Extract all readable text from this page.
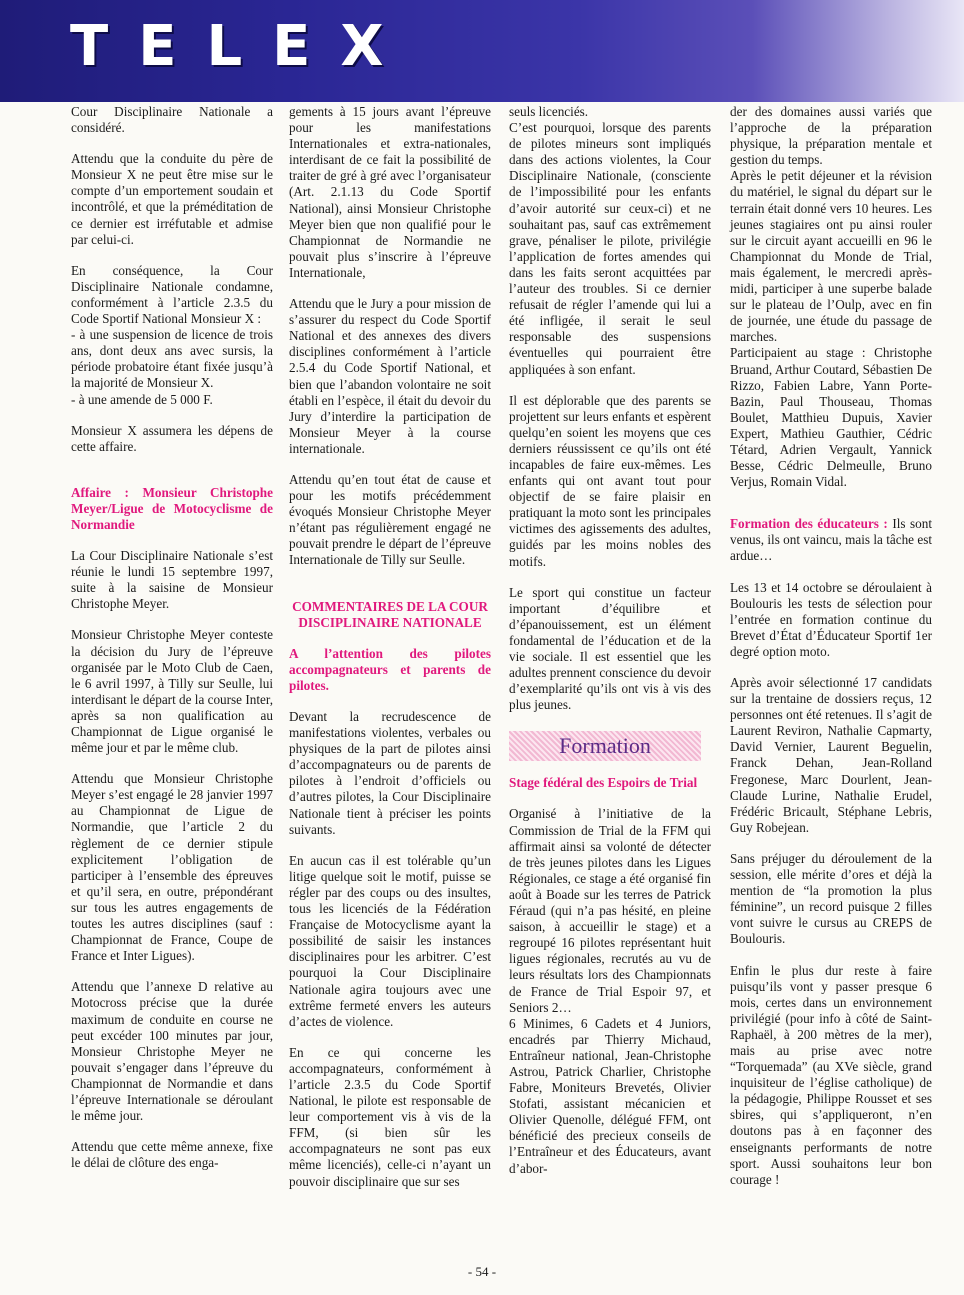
TELEX

Cour Disciplinaire Nationale a considéré.

Attendu que la conduite du père de Monsieur X ne peut être mise sur le compte d’un emportement soudain et incontrôlé, et que la préméditation de ce dernier est irréfutable et admise par celui-ci.

En conséquence, la Cour Disciplinaire Nationale condamne, conformément à l’article 2.3.5 du Code Sportif National Monsieur X :

- à une suspension de licence de trois ans, dont deux ans avec sursis, la période probatoire étant fixée jusqu’à la majorité de Monsieur X.

- à une amende de 5 000 F.

Monsieur X assumera les dépens de cette affaire.

Affaire : Monsieur Christophe Meyer/Ligue de Motocyclisme de Normandie

La Cour Disciplinaire Nationale s’est réunie le lundi 15 septembre 1997, suite à la saisine de Monsieur Christophe Meyer.

Monsieur Christophe Meyer conteste la décision du Jury de l’épreuve organisée par le Moto Club de Caen, le 6 avril 1997, à Tilly sur Seulle, lui interdisant le départ de la course Inter, après sa non qualification au Championnat de Ligue organisé le même jour et par le même club.

Attendu que Monsieur Christophe Meyer s’est engagé le 28 janvier 1997 au Championnat de Ligue de Normandie, que l’article 2 du règlement de ce dernier stipule explicitement l’obligation de participer à l’ensemble des épreuves et qu’il sera, en outre, prépondérant sur tous les autres engagements de toutes les autres disciplines (sauf : Championnat de France, Coupe de France et Inter Ligues).

Attendu que l’annexe D relative au Motocross précise que la durée maximum de conduite en course ne peut excéder 100 minutes par jour, Monsieur Christophe Meyer ne pouvait s’engager dans l’épreuve du Championnat de Normandie et dans l’épreuve Internationale se déroulant le même jour.

Attendu que cette même annexe, fixe le délai de clôture des enga-

gements à 15 jours avant l’épreuve pour les manifestations Internationales et extra-nationales, interdisant de ce fait la possibilité de traiter de gré à gré avec l’organisateur (Art. 2.1.13 du Code Sportif National), ainsi Monsieur Christophe Meyer bien que non qualifié pour le Championnat de Normandie ne pouvait plus s’inscrire à l’épreuve Internationale,

Attendu que le Jury a pour mission de s’assurer du respect du Code Sportif National et des annexes des divers disciplines conformément à l’article 2.5.4 du Code Sportif National, et bien que l’abandon volontaire ne soit établi en l’espèce, il était du devoir du Jury d’interdire la participation de Monsieur Meyer à la course internationale.

Attendu qu’en tout état de cause et pour les motifs précédemment évoqués Monsieur Christophe Meyer n’étant pas régulièrement engagé ne pouvait prendre le départ de l’épreuve Internationale de Tilly sur Seulle.

COMMENTAIRES DE LA COUR DISCIPLINAIRE NATIONALE

A l’attention des pilotes accompagnateurs et parents de pilotes.

Devant la recrudescence de manifestations violentes, verbales ou physiques de la part de pilotes ainsi d’accompagnateurs ou de parents de pilotes à l’endroit d’officiels ou d’autres pilotes, la Cour Disciplinaire Nationale tient à préciser les points suivants.

En aucun cas il est tolérable qu’un litige quelque soit le motif, puisse se régler par des coups ou des insultes, tous les licenciés de la Fédération Française de Motocyclisme ayant la possibilité de saisir les instances disciplinaires pour les arbitrer. C’est pourquoi la Cour Disciplinaire Nationale agira toujours avec une extrême fermeté envers les auteurs d’actes de violence.

En ce qui concerne les accompagnateurs, conformément à l’article 2.3.5 du Code Sportif National, le pilote est responsable de leur comportement vis à vis de la FFM, (si bien sûr les accompagnateurs ne sont pas eux même licenciés), celle-ci n’ayant un pouvoir disciplinaire que sur ses

seuls licenciés.

C’est pourquoi, lorsque des parents de pilotes mineurs sont impliqués dans des actions violentes, la Cour Disciplinaire Nationale, (consciente de l’impossibilité pour les enfants d’avoir autorité sur ceux-ci) et ne souhaitant pas, sauf cas extrêmement grave, pénaliser le pilote, privilégie l’application de fortes amendes qui dans les faits seront acquittées par l’auteur des troubles. Si ce dernier refusait de régler l’amende qui lui a été infligée, il serait le seul responsable des suspensions éventuelles qui pourraient être appliquées à son enfant.

Il est déplorable que des parents se projettent sur leurs enfants et espèrent quelqu’en soient les moyens que ces derniers réussissent ce qu’ils ont été incapables de faire eux-mêmes. Les enfants qui ont avant tout pour objectif de se faire plaisir en pratiquant la moto sont les principales victimes des agissements des adultes, guidés par les moins nobles des motifs.

Le sport qui constitue un facteur important d’équilibre et d’épanouissement, est un élément fondamental de l’éducation et de la vie sociale. Il est essentiel que les adultes prennent conscience du devoir d’exemplarité qu’ils ont vis à vis des plus jeunes.

Formation

Stage fédéral des Espoirs de Trial

Organisé à l’initiative de la Commission de Trial de la FFM qui affirmait ainsi sa volonté de détecter de très jeunes pilotes dans les Ligues Régionales, ce stage a été organisé fin août à Boade sur les terres de Patrick Féraud (qui n’a pas hésité, en pleine saison, à accueillir le stage) et a regroupé 16 pilotes représentant huit ligues régionales, recrutés au vu de leurs résultats lors des Championnats de France de Trial Espoir 97, et Seniors 2…

6 Minimes, 6 Cadets et 4 Juniors, encadrés par Thierry Michaud, Entraîneur national, Jean-Christophe Astrou, Patrick Charlier, Christophe Fabre, Moniteurs Brevetés, Olivier Stofati, assistant mécanicien et Olivier Quenolle, délégué FFM, ont bénéficié des precieux conseils de l’Entraîneur et des Éducateurs, avant d’abor-

der des domaines aussi variés que l’approche de la préparation physique, la préparation mentale et gestion du temps.

Après le petit déjeuner et la révision du matériel, le signal du départ sur le terrain était donné vers 10 heures. Les jeunes stagiaires ont pu ainsi rouler sur le circuit ayant accueilli en 96 le Championnat du Monde de Trial, mais également, le mercredi après-midi, participer à une superbe balade sur le plateau de l’Oulp, avec en fin de journée, une étude du passage de marches.

Participaient au stage : Christophe Bruand, Arthur Coutard, Sébastien De Rizzo, Fabien Labre, Yann Porte-Bazin, Paul Thouseau, Thomas Boulet, Matthieu Dupuis, Xavier Expert, Mathieu Gauthier, Cédric Tétard, Adrien Vergault, Yannick Besse, Cédric Delmeulle, Bruno Verjus, Romain Vidal.

Formation des éducateurs : Ils sont venus, ils ont vaincu, mais la tâche est ardue…

Les 13 et 14 octobre se déroulaient à Boulouris les tests de sélection pour l’entrée en formation continue du Brevet d’État d’Éducateur Sportif 1er degré option moto.

Après avoir sélectionné 17 candidats sur la trentaine de dossiers reçus, 12 personnes ont été retenues. Il s’agit de Laurent Reviron, Nathalie Capmarty, David Vernier, Laurent Beguelin, Franck Dehan, Jean-Rolland Fregonese, Marc Dourlent, Jean-Claude Lurine, Nathalie Erudel, Frédéric Bricault, Stéphane Lebris, Guy Robejean.

Sans préjuger du déroulement de la session, elle mérite d’ores et déjà la mention de “la promotion la plus féminine”, un record puisque 2 filles vont suivre le cursus au CREPS de Boulouris.

Enfin le plus dur reste à faire puisqu’ils vont y passer presque 6 mois, certes dans un environnement privilégié (pour info à côté de Saint-Raphaël, à 200 mètres de la mer), mais au prise avec notre “Torquemada” (au XVe siècle, grand inquisiteur de l’église catholique) de la pédagogie, Philippe Rousset et ses sbires, qui s’appliqueront, n’en doutons pas à en façonner des enseignants performants de notre sport. Aussi souhaitons leur bon courage !

- 54 -
